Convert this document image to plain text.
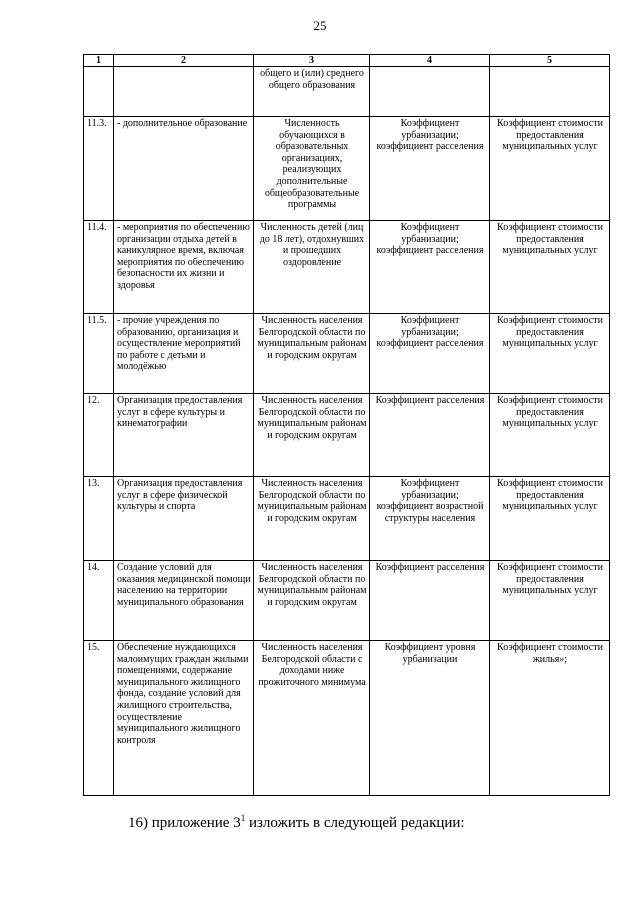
25
1	2	3	4	5
		общего и (или) среднего общего образования		
11.3.	- дополнительное образование	Численность обучающихся в образовательных организациях, реализующих дополнительные общеобразовательные программы	Коэффициент урбанизации; коэффициент расселения	Коэффициент стоимости предоставления муниципальных услуг
11.4.	- мероприятия по обеспечению организации отдыха детей в каникулярное время, включая мероприятия по обеспечению безопасности их жизни и здоровья	Численность детей (лиц до 18 лет), отдохнувших и прошедших оздоровление	Коэффициент урбанизации; коэффициент расселения	Коэффициент стоимости предоставления муниципальных услуг
11.5.	- прочие учреждения по образованию, организация и осуществление мероприятий по работе с детьми и молодёжью	Численность населения Белгородской области по муниципальным районам и городским округам	Коэффициент урбанизации; коэффициент расселения	Коэффициент стоимости предоставления муниципальных услуг
12.	Организация предоставления услуг в сфере культуры и кинематографии	Численность населения Белгородской области по муниципальным районам и городским округам	Коэффициент расселения	Коэффициент стоимости предоставления муниципальных услуг
13.	Организация предоставления услуг в сфере физической культуры и спорта	Численность населения Белгородской области по муниципальным районам и городским округам	Коэффициент урбанизации; коэффициент возрастной структуры населения	Коэффициент стоимости предоставления муниципальных услуг
14.	Создание условий для оказания медицинской помощи населению на территории муниципального образования	Численность населения Белгородской области по муниципальным районам и городским округам	Коэффициент расселения	Коэффициент стоимости предоставления муниципальных услуг
15.	Обеспечение нуждающихся малоимущих граждан жилыми помещениями, содержание муниципального жилищного фонда, создание условий для жилищного строительства, осуществление муниципального жилищного контроля	Численность населения Белгородской области с доходами ниже прожиточного минимума	Коэффициент уровня урбанизации	Коэффициент стоимости жилья»;
16) приложение $3^1$ изложить в следующей редакции:
